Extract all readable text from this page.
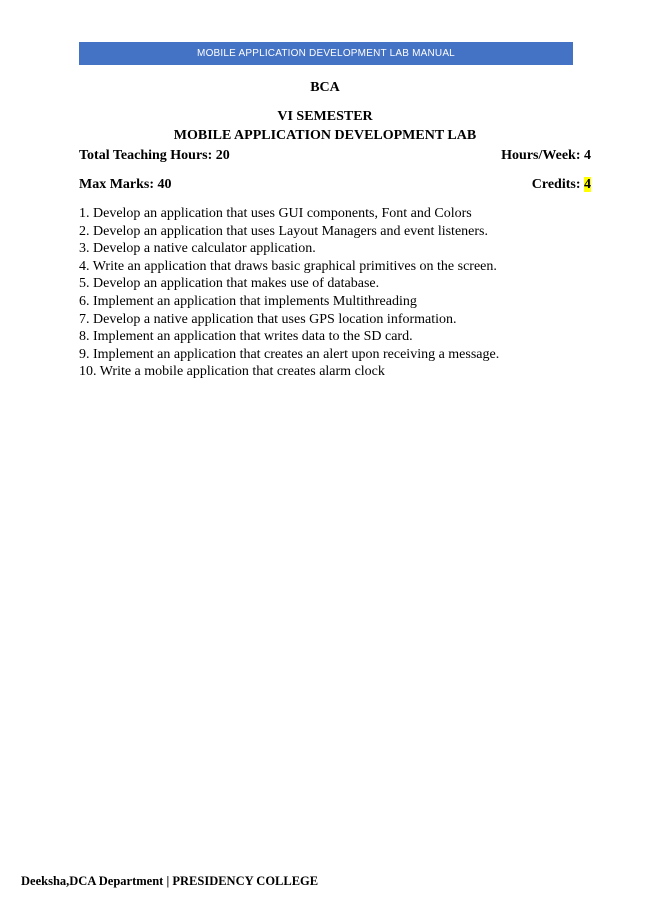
MOBILE APPLICATION DEVELOPMENT LAB MANUAL
BCA
VI SEMESTER
MOBILE APPLICATION DEVELOPMENT LAB
Total Teaching Hours: 20	Hours/Week: 4
Max Marks: 40	Credits: 4
1. Develop an application that uses GUI components, Font and Colors
2. Develop an application that uses Layout Managers and event listeners.
3. Develop a native calculator application.
4. Write an application that draws basic graphical primitives on the screen.
5. Develop an application that makes use of database.
6. Implement an application that implements Multithreading
7. Develop a native application that uses GPS location information.
8. Implement an application that writes data to the SD card.
9. Implement an application that creates an alert upon receiving a message.
10. Write a mobile application that creates alarm clock
Deeksha,DCA Department | PRESIDENCY COLLEGE
